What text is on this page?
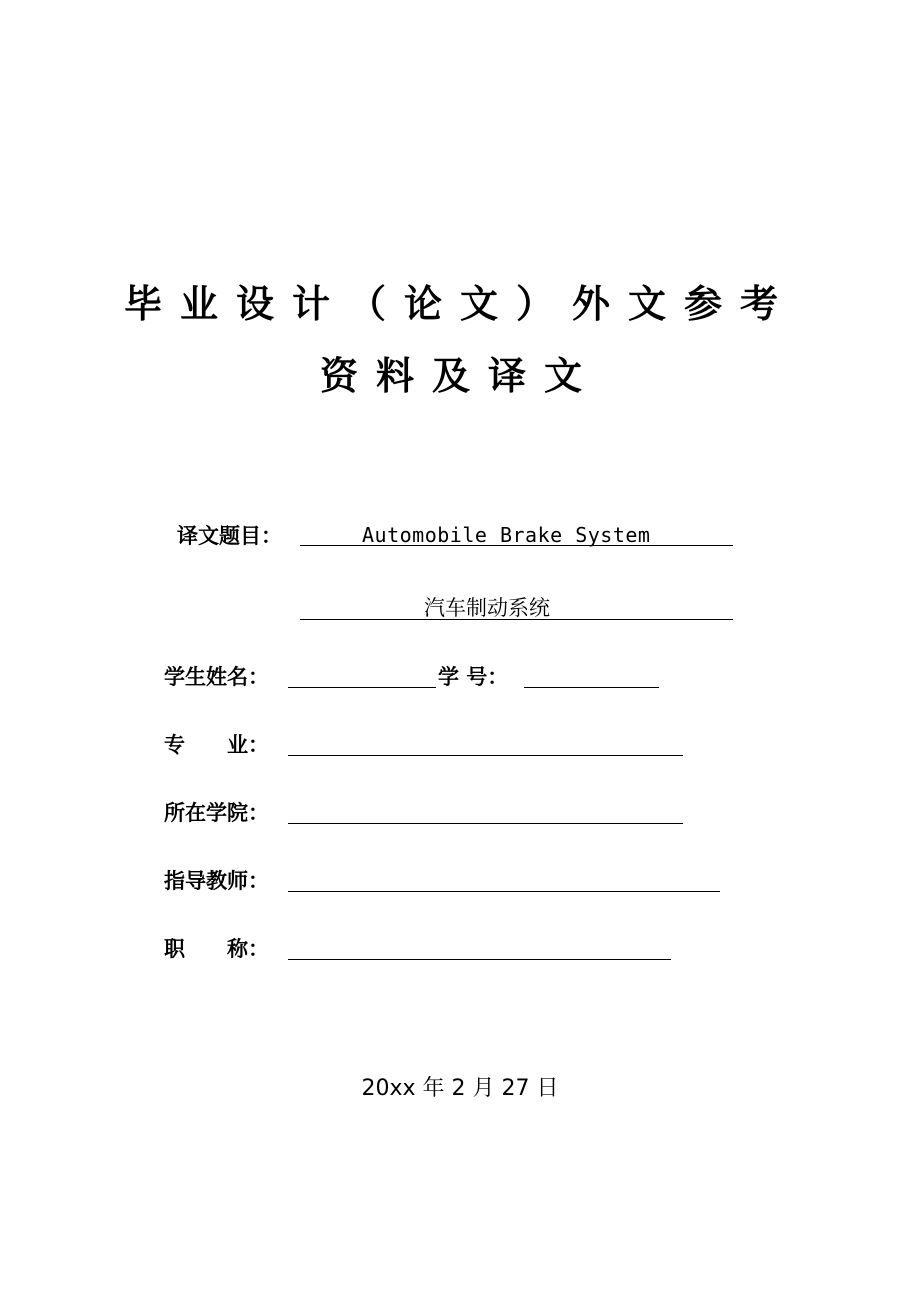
毕业设计（论文）外文参考
资料及译文
译文题目：	Automobile Brake System
汽车制动系统
学生姓名：	学 号：
专　　业：
所在学院：
指导教师：
职　　称：
20xx 年 2 月 27 日
